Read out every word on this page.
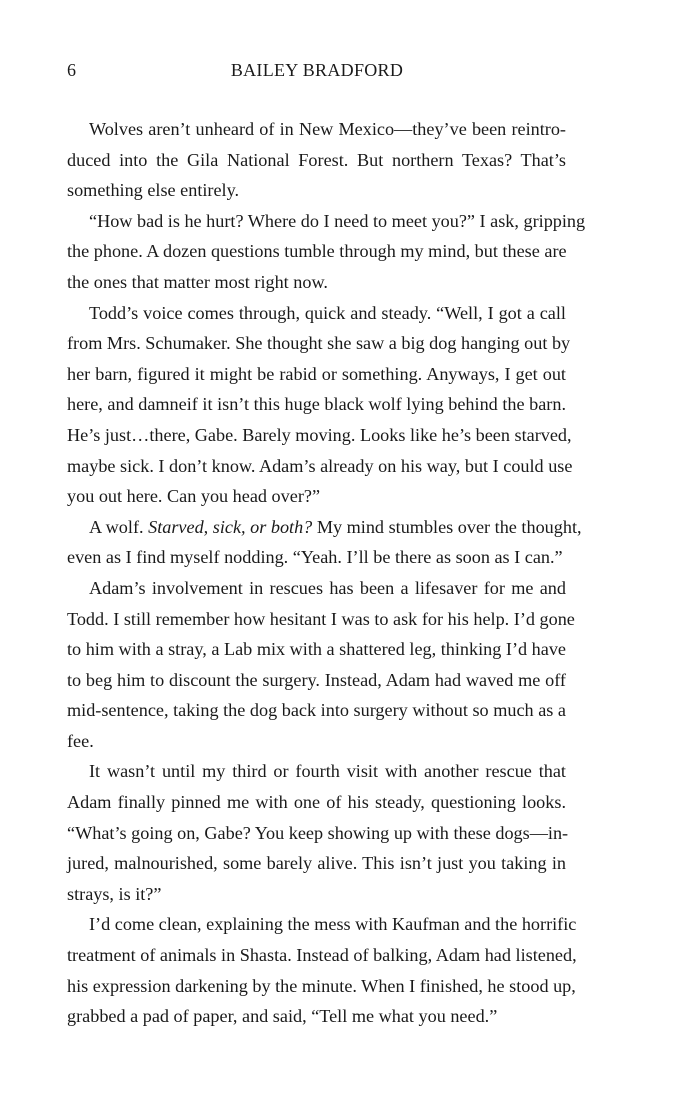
6	BAILEY BRADFORD
Wolves aren’t unheard of in New Mexico—they’ve been reintro-
duced into the Gila National Forest. But northern Texas? That’s
something else entirely.
“How bad is he hurt? Where do I need to meet you?” I ask, gripping
the phone. A dozen questions tumble through my mind, but these are
the ones that matter most right now.
Todd’s voice comes through, quick and steady. “Well, I got a call
from Mrs. Schumaker. She thought she saw a big dog hanging out by
her barn, figured it might be rabid or something. Anyways, I get out
here, and damneif it isn’t this huge black wolf lying behind the barn.
He’s just…there, Gabe. Barely moving. Looks like he’s been starved,
maybe sick. I don’t know. Adam’s already on his way, but I could use
you out here. Can you head over?”
A wolf. Starved, sick, or both? My mind stumbles over the thought,
even as I find myself nodding. “Yeah. I’ll be there as soon as I can.”
Adam’s involvement in rescues has been a lifesaver for me and
Todd. I still remember how hesitant I was to ask for his help. I’d gone
to him with a stray, a Lab mix with a shattered leg, thinking I’d have
to beg him to discount the surgery. Instead, Adam had waved me off
mid-sentence, taking the dog back into surgery without so much as a
fee.
It wasn’t until my third or fourth visit with another rescue that
Adam finally pinned me with one of his steady, questioning looks.
“What’s going on, Gabe? You keep showing up with these dogs—in-
jured, malnourished, some barely alive. This isn’t just you taking in
strays, is it?”
I’d come clean, explaining the mess with Kaufman and the horrific
treatment of animals in Shasta. Instead of balking, Adam had listened,
his expression darkening by the minute. When I finished, he stood up,
grabbed a pad of paper, and said, “Tell me what you need.”
